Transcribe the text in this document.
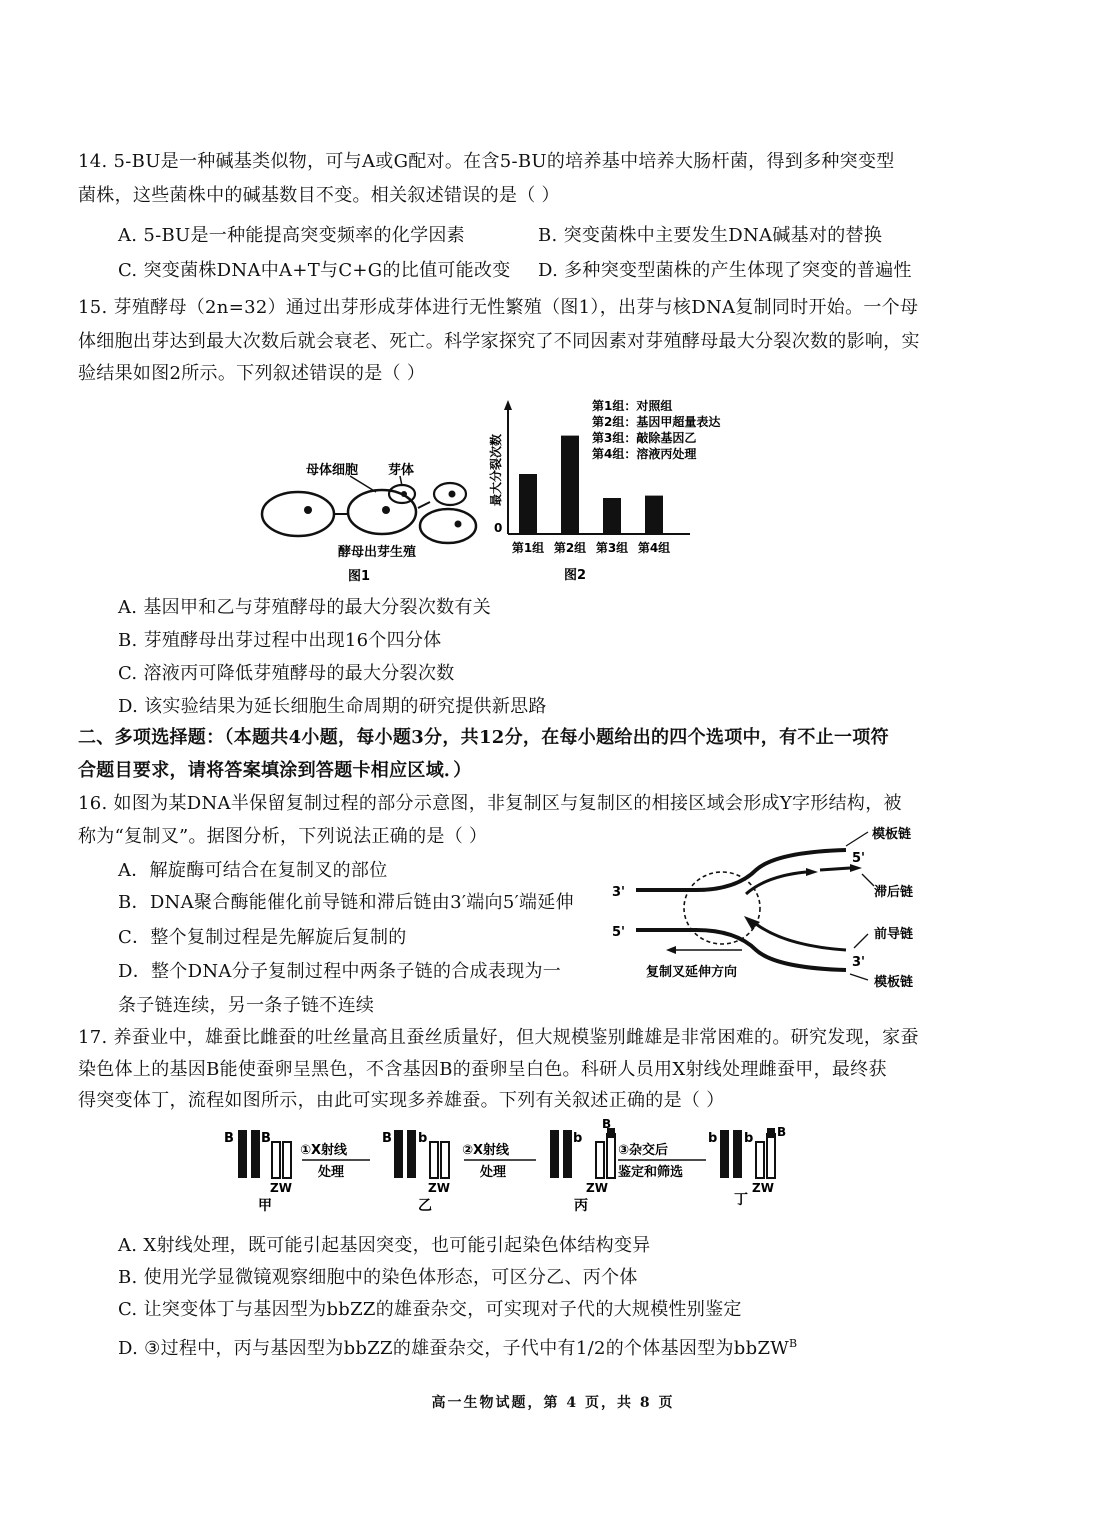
14. 5-BU是一种碱基类似物，可与A或G配对。在含5-BU的培养基中培养大肠杆菌，得到多种突变型
菌株，这些菌株中的碱基数目不变。相关叙述错误的是（ ）
A. 5-BU是一种能提高突变频率的化学因素	B. 突变菌株中主要发生DNA碱基对的替换
C. 突变菌株DNA中A+T与C+G的比值可能改变 D. 多种突变型菌株的产生体现了突变的普遍性
15. 芽殖酵母（2n=32）通过出芽形成芽体进行无性繁殖（图1），出芽与核DNA复制同时开始。一个母
体细胞出芽达到最大次数后就会衰老、死亡。科学家探究了不同因素对芽殖酵母最大分裂次数的影响，实
验结果如图2所示。下列叙述错误的是（ ）
母体细胞 芽体
酵母出芽生殖
图1
0
最大分裂次数
第1组 第2组 第3组 第4组
第1组：对照组
第2组：基因甲超量表达
第3组：敲除基因乙
第4组：溶液丙处理
图2
A. 基因甲和乙与芽殖酵母的最大分裂次数有关
B. 芽殖酵母出芽过程中出现16个四分体
C. 溶液丙可降低芽殖酵母的最大分裂次数
D. 该实验结果为延长细胞生命周期的研究提供新思路
二、多项选择题：（本题共4小题，每小题3分，共12分，在每小题给出的四个选项中，有不止一项符
合题目要求，请将答案填涂到答题卡相应区域．）
16. 如图为某DNA半保留复制过程的部分示意图，非复制区与复制区的相接区域会形成Y字形结构，被
称为“复制叉”。据图分析，下列说法正确的是（ ）
A．解旋酶可结合在复制叉的部位
B．DNA聚合酶能催化前导链和滞后链由3′端向5′端延伸
C．整个复制过程是先解旋后复制的
D．整个DNA分子复制过程中两条子链的合成表现为一
条子链连续，另一条子链不连续
模板链
5'
滞后链
前导链
3'
模板链
3'
5'
复制叉延伸方向
17. 养蚕业中，雄蚕比雌蚕的吐丝量高且蚕丝质量好，但大规模鉴别雌雄是非常困难的。研究发现，家蚕
染色体上的基因B能使蚕卵呈黑色，不含基因B的蚕卵呈白色。科研人员用X射线处理雌蚕甲，最终获
得突变体丁，流程如图所示，由此可实现多养雄蚕。下列有关叙述正确的是（ ）
B B
ZW
甲
①X射线
处理
B b
ZW
乙
②X射线
处理
b
B
ZW
丙
③杂交后
鉴定和筛选
b b B
ZW
丁
A. X射线处理，既可能引起基因突变，也可能引起染色体结构变异
B. 使用光学显微镜观察细胞中的染色体形态，可区分乙、丙个体
C. 让突变体丁与基因型为bbZZ的雄蚕杂交，可实现对子代的大规模性别鉴定
D. ③过程中，丙与基因型为bbZZ的雄蚕杂交，子代中有1/2的个体基因型为bbZW$^B$
高一生物试题，第 4 页，共 8 页
